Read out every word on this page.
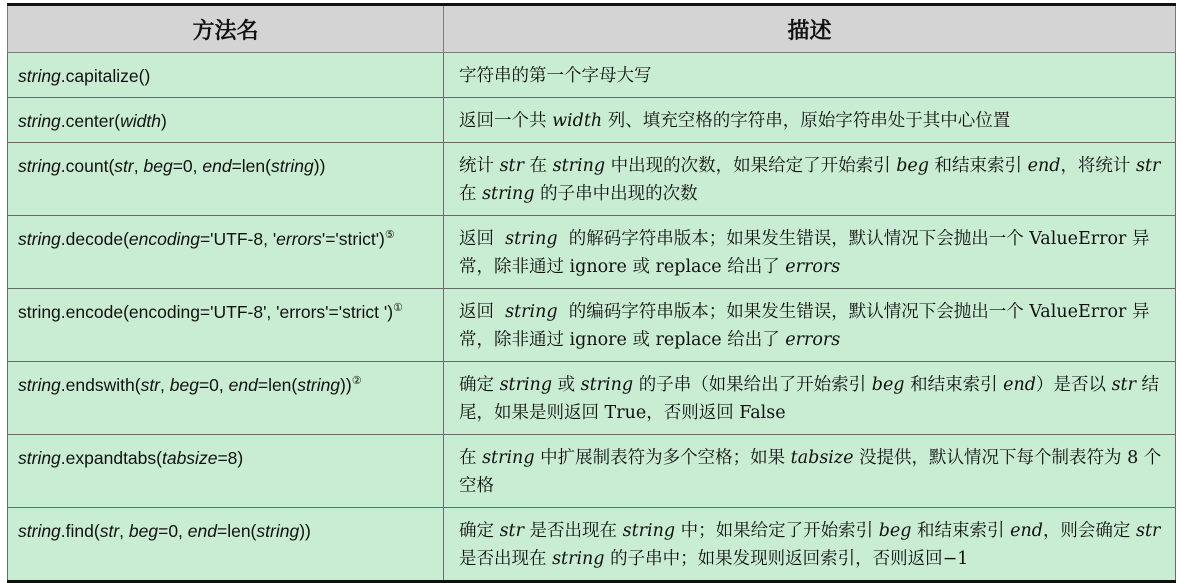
方法名	描述
string.capitalize()	字符串的第一个字母大写
string.center(width)	返回一个共 width 列、填充空格的字符串，原始字符串处于其中心位置
string.count(str, beg=0, end=len(string))	统计 str 在 string 中出现的次数，如果给定了开始索引 beg 和结束索引 end，将统计 str 在 string 的子串中出现的次数
string.decode(encoding='UTF-8, 'errors'='strict')⑤	返回  string  的解码字符串版本；如果发生错误，默认情况下会抛出一个 ValueError 异常，除非通过 ignore 或 replace 给出了 errors
string.encode(encoding='UTF-8', 'errors'='strict ')①	返回  string  的编码字符串版本；如果发生错误，默认情况下会抛出一个 ValueError 异常，除非通过 ignore 或 replace 给出了 errors
string.endswith(str, beg=0, end=len(string))②	确定 string 或 string 的子串（如果给出了开始索引 beg 和结束索引 end）是否以 str 结尾，如果是则返回 True，否则返回 False
string.expandtabs(tabsize=8)	在 string 中扩展制表符为多个空格；如果 tabsize 没提供，默认情况下每个制表符为 8 个空格
string.find(str, beg=0, end=len(string))	确定 str 是否出现在 string 中；如果给定了开始索引 beg 和结束索引 end，则会确定 str 是否出现在 string 的子串中；如果发现则返回索引，否则返回−1
